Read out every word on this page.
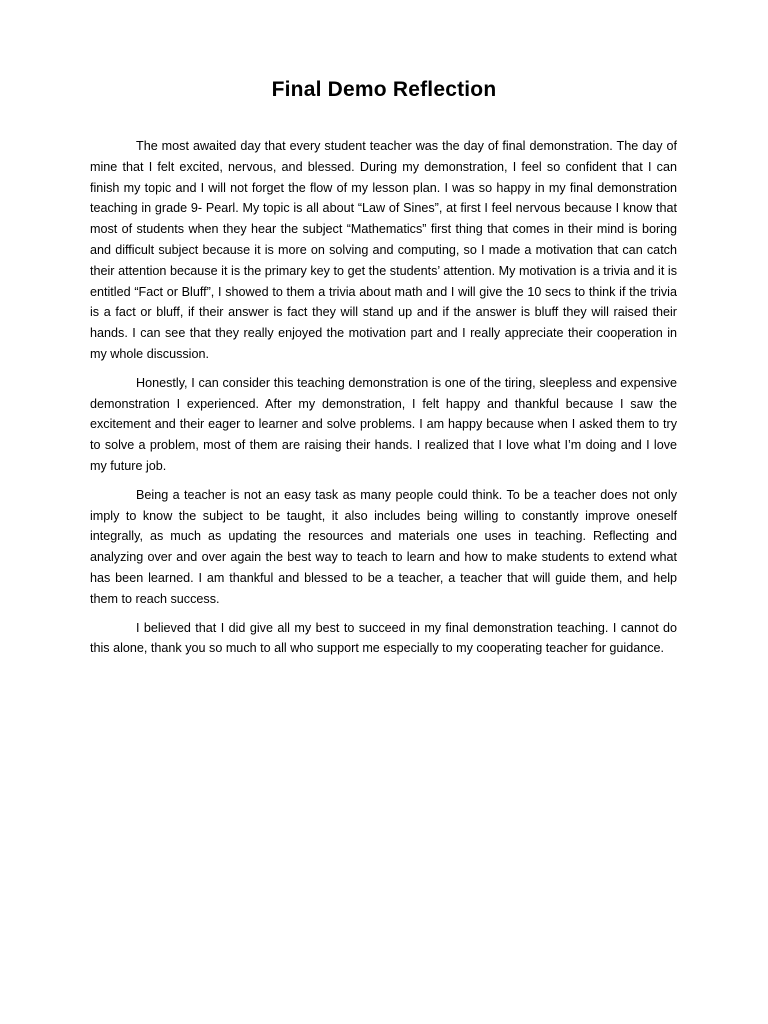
Final Demo Reflection

The most awaited day that every student teacher was the day of final demonstration. The day of mine that I felt excited, nervous, and blessed. During my demonstration, I feel so confident that I can finish my topic and I will not forget the flow of my lesson plan. I was so happy in my final demonstration teaching in grade 9- Pearl. My topic is all about “Law of Sines”, at first I feel nervous because I know that most of students when they hear the subject “Mathematics” first thing that comes in their mind is boring and difficult subject because it is more on solving and computing, so I made a motivation that can catch their attention because it is the primary key to get the students’ attention. My motivation is a trivia and it is entitled “Fact or Bluff”, I showed to them a trivia about math and I will give the 10 secs to think if the trivia is a fact or bluff, if their answer is fact they will stand up and if the answer is bluff they will raised their hands. I can see that they really enjoyed the motivation part and I really appreciate their cooperation in my whole discussion.

Honestly, I can consider this teaching demonstration is one of the tiring, sleepless and expensive demonstration I experienced. After my demonstration, I felt happy and thankful because I saw the excitement and their eager to learner and solve problems. I am happy because when I asked them to try to solve a problem, most of them are raising their hands. I realized that I love what I’m doing and I love my future job.

Being a teacher is not an easy task as many people could think. To be a teacher does not only imply to know the subject to be taught, it also includes being willing to constantly improve oneself integrally, as much as updating the resources and materials one uses in teaching. Reflecting and analyzing over and over again the best way to teach to learn and how to make students to extend what has been learned. I am thankful and blessed to be a teacher, a teacher that will guide them, and help them to reach success.

I believed that I did give all my best to succeed in my final demonstration teaching. I cannot do this alone, thank you so much to all who support me especially to my cooperating teacher for guidance.
